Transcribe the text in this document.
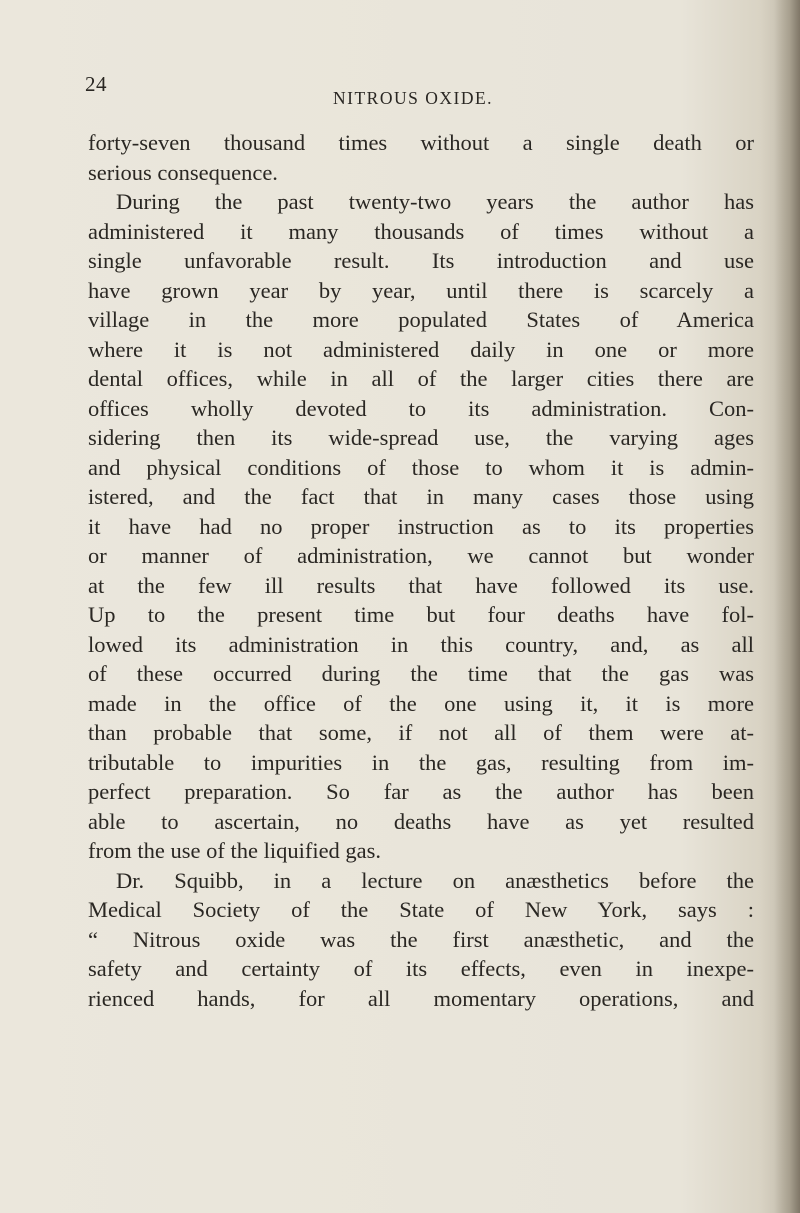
24
NITROUS OXIDE.
forty-seven thousand times without a single death or
serious consequence.
During the past twenty-two years the author has
administered it many thousands of times without a
single unfavorable result. Its introduction and use
have grown year by year, until there is scarcely a
village in the more populated States of America
where it is not administered daily in one or more
dental offices, while in all of the larger cities there are
offices wholly devoted to its administration. Con-
sidering then its wide-spread use, the varying ages
and physical conditions of those to whom it is admin-
istered, and the fact that in many cases those using
it have had no proper instruction as to its properties
or manner of administration, we cannot but wonder
at the few ill results that have followed its use.
Up to the present time but four deaths have fol-
lowed its administration in this country, and, as all
of these occurred during the time that the gas was
made in the office of the one using it, it is more
than probable that some, if not all of them were at-
tributable to impurities in the gas, resulting from im-
perfect preparation. So far as the author has been
able to ascertain, no deaths have as yet resulted
from the use of the liquified gas.
Dr. Squibb, in a lecture on anæsthetics before the
Medical Society of the State of New York, says :
“ Nitrous oxide was the first anæsthetic, and the
safety and certainty of its effects, even in inexpe-
rienced hands, for all momentary operations, and
